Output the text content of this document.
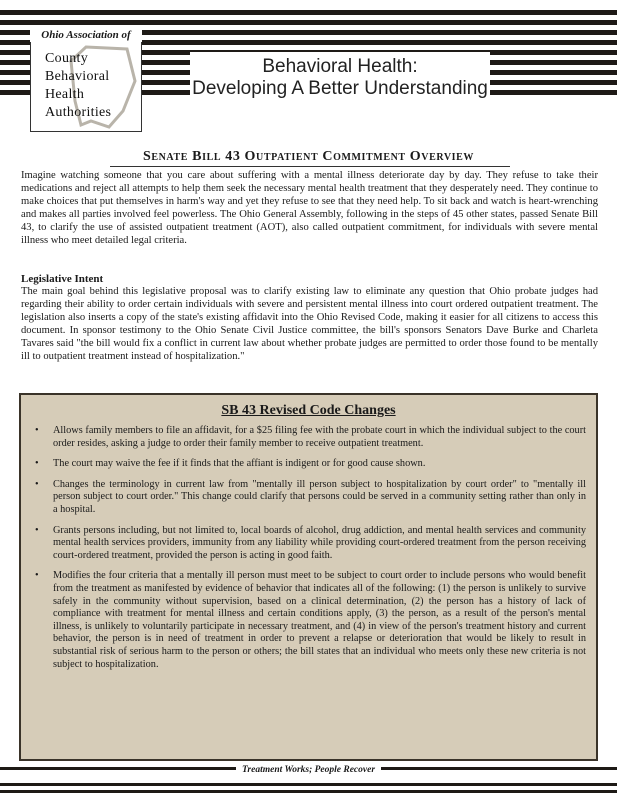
County
Behavioral
Health
Authorities
Ohio Association of
Behavioral Health:
Developing A Better Understanding
Senate Bill 43 Outpatient Commitment Overview
Imagine watching someone that you care about suffering with a mental illness deteriorate day by day. They refuse to take their medications and reject all attempts to help them seek the necessary mental health treatment that they desperately need. They continue to make choices that put themselves in harm's way and yet they refuse to see that they need help. To sit back and watch is heart-wrenching and makes all parties involved feel powerless. The Ohio General Assembly, following in the steps of 45 other states, passed Senate Bill 43, to clarify the use of assisted outpatient treatment (AOT), also called outpatient commitment, for individuals with severe mental illness who meet detailed legal criteria.
Legislative Intent
The main goal behind this legislative proposal was to clarify existing law to eliminate any question that Ohio probate judges had regarding their ability to order certain individuals with severe and persistent mental illness into court ordered outpatient treatment. The legislation also inserts a copy of the state's existing affidavit into the Ohio Revised Code, making it easier for all citizens to access this document. In sponsor testimony to the Ohio Senate Civil Justice committee, the bill's sponsors Senators Dave Burke and Charleta Tavares said "the bill would fix a conflict in current law about whether probate judges are permitted to order those found to be mentally ill to outpatient treatment instead of hospitalization."
SB 43 Revised Code Changes
• Allows family members to file an affidavit, for a $25 filing fee with the probate court in which the individual subject to the court order resides, asking a judge to order their family member to receive outpatient treatment.
• The court may waive the fee if it finds that the affiant is indigent or for good cause shown.
• Changes the terminology in current law from "mentally ill person subject to hospitalization by court order" to "mentally ill person subject to court order." This change could clarify that persons could be served in a community setting rather than only in a hospital.
• Grants persons including, but not limited to, local boards of alcohol, drug addiction, and mental health services and community mental health services providers, immunity from any liability while providing court-ordered treatment from the person receiving court-ordered treatment, provided the person is acting in good faith.
• Modifies the four criteria that a mentally ill person must meet to be subject to court order to include persons who would benefit from the treatment as manifested by evidence of behavior that indicates all of the following: (1) the person is unlikely to survive safely in the community without supervision, based on a clinical determination, (2) the person has a history of lack of compliance with treatment for mental illness and certain conditions apply, (3) the person, as a result of the person's mental illness, is unlikely to voluntarily participate in necessary treatment, and (4) in view of the person's treatment history and current behavior, the person is in need of treatment in order to prevent a relapse or deterioration that would be likely to result in substantial risk of serious harm to the person or others; the bill states that an individual who meets only these new criteria is not subject to hospitalization.
Treatment Works; People Recover
